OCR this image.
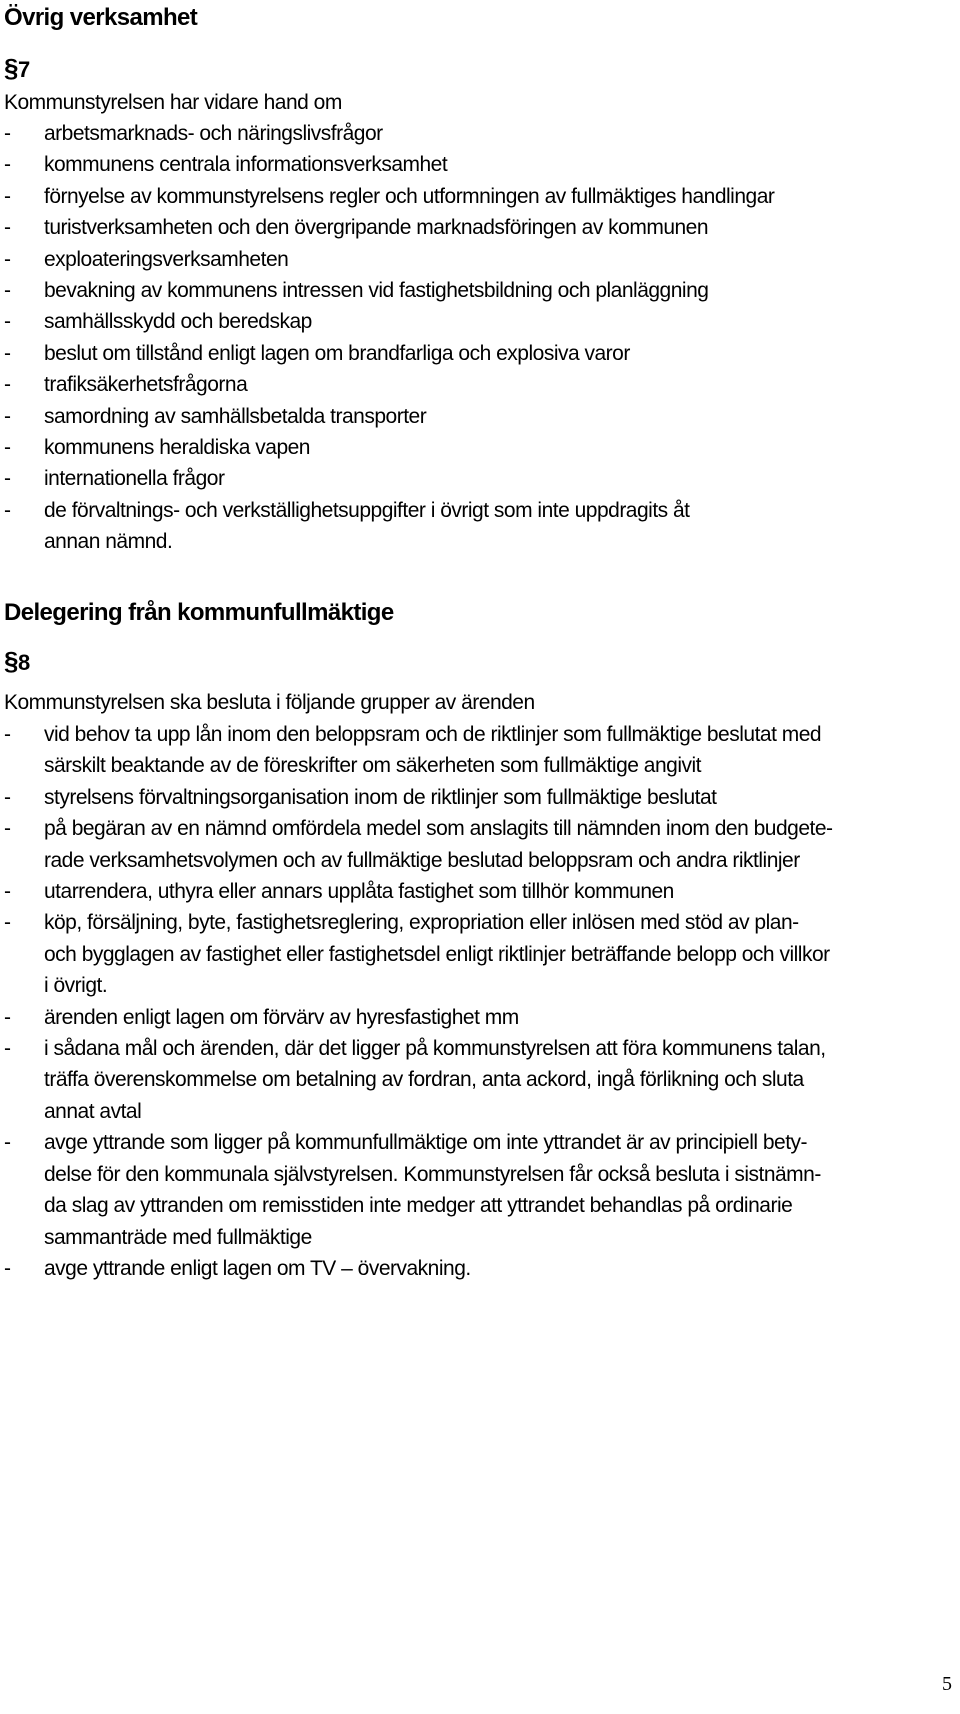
Övrig verksamhet
§ 7
Kommunstyrelsen har vidare hand om
- arbetsmarknads- och näringslivsfrågor
- kommunens centrala informationsverksamhet
- förnyelse av kommunstyrelsens regler och utformningen av fullmäktiges handlingar
- turistverksamheten och den övergripande marknadsföringen av kommunen
- exploateringsverksamheten
- bevakning av kommunens intressen vid fastighetsbildning och planläggning
- samhällsskydd och beredskap
- beslut om tillstånd enligt lagen om brandfarliga och explosiva varor
- trafiksäkerhetsfrågorna
- samordning av samhällsbetalda transporter
- kommunens heraldiska vapen
- internationella frågor
- de förvaltnings- och verkställighetsuppgifter i övrigt som inte uppdragits åt
annan nämnd.
Delegering från kommunfullmäktige
§ 8
Kommunstyrelsen ska besluta i följande grupper av ärenden
- vid behov ta upp lån inom den beloppsram och de riktlinjer som fullmäktige beslutat med
särskilt beaktande av de föreskrifter om säkerheten som fullmäktige angivit
- styrelsens förvaltningsorganisation inom de riktlinjer som fullmäktige beslutat
- på begäran av en nämnd omfördela medel som anslagits till nämnden inom den budgete-
rade verksamhetsvolymen och av fullmäktige beslutad beloppsram och andra riktlinjer
- utarrendera, uthyra eller annars upplåta fastighet som tillhör kommunen
- köp, försäljning, byte, fastighetsreglering, expropriation eller inlösen med stöd av plan-
och bygglagen av fastighet eller fastighetsdel enligt riktlinjer beträffande belopp och villkor
i övrigt.
- ärenden enligt lagen om förvärv av hyresfastighet mm
- i sådana mål och ärenden, där det ligger på kommunstyrelsen att föra kommunens talan,
träffa överenskommelse om betalning av fordran, anta ackord, ingå förlikning och sluta
annat avtal
- avge yttrande som ligger på kommunfullmäktige om inte yttrandet är av principiell bety-
delse för den kommunala självstyrelsen. Kommunstyrelsen får också besluta i sistnämn-
da slag av yttranden om remisstiden inte medger att yttrandet behandlas på ordinarie
sammanträde med fullmäktige
- avge yttrande enligt lagen om TV – övervakning.
5
